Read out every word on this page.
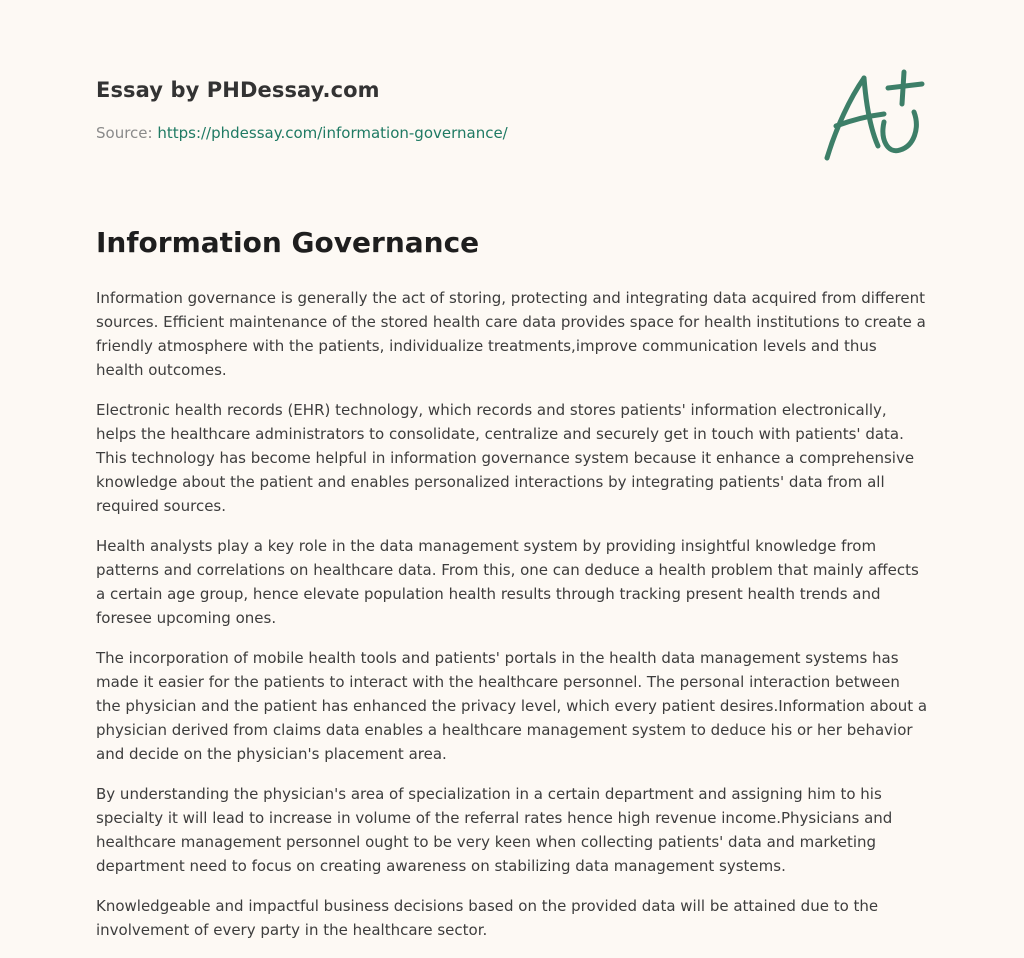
Essay by PHDessay.com
Source: https://phdessay.com/information-governance/
Information Governance

Information governance is generally the act of storing, protecting and integrating data acquired from different sources. Efficient maintenance of the stored health care data provides space for health institutions to create a friendly atmosphere with the patients, individualize treatments,improve communication levels and thus health outcomes.

Electronic health records (EHR) technology, which records and stores patients' information electronically, helps the healthcare administrators to consolidate, centralize and securely get in touch with patients' data. This technology has become helpful in information governance system because it enhance a comprehensive knowledge about the patient and enables personalized interactions by integrating patients' data from all required sources.

Health analysts play a key role in the data management system by providing insightful knowledge from patterns and correlations on healthcare data. From this, one can deduce a health problem that mainly affects a certain age group, hence elevate population health results through tracking present health trends and foresee upcoming ones.

The incorporation of mobile health tools and patients' portals in the health data management systems has made it easier for the patients to interact with the healthcare personnel. The personal interaction between the physician and the patient has enhanced the privacy level, which every patient desires.Information about a physician derived from claims data enables a healthcare management system to deduce his or her behavior and decide on the physician's placement area.

By understanding the physician's area of specialization in a certain department and assigning him to his specialty it will lead to increase in volume of the referral rates hence high revenue income.Physicians and healthcare management personnel ought to be very keen when collecting patients' data and marketing department need to focus on creating awareness on stabilizing data management systems.

Knowledgeable and impactful business decisions based on the provided data will be attained due to the involvement of every party in the healthcare sector.
